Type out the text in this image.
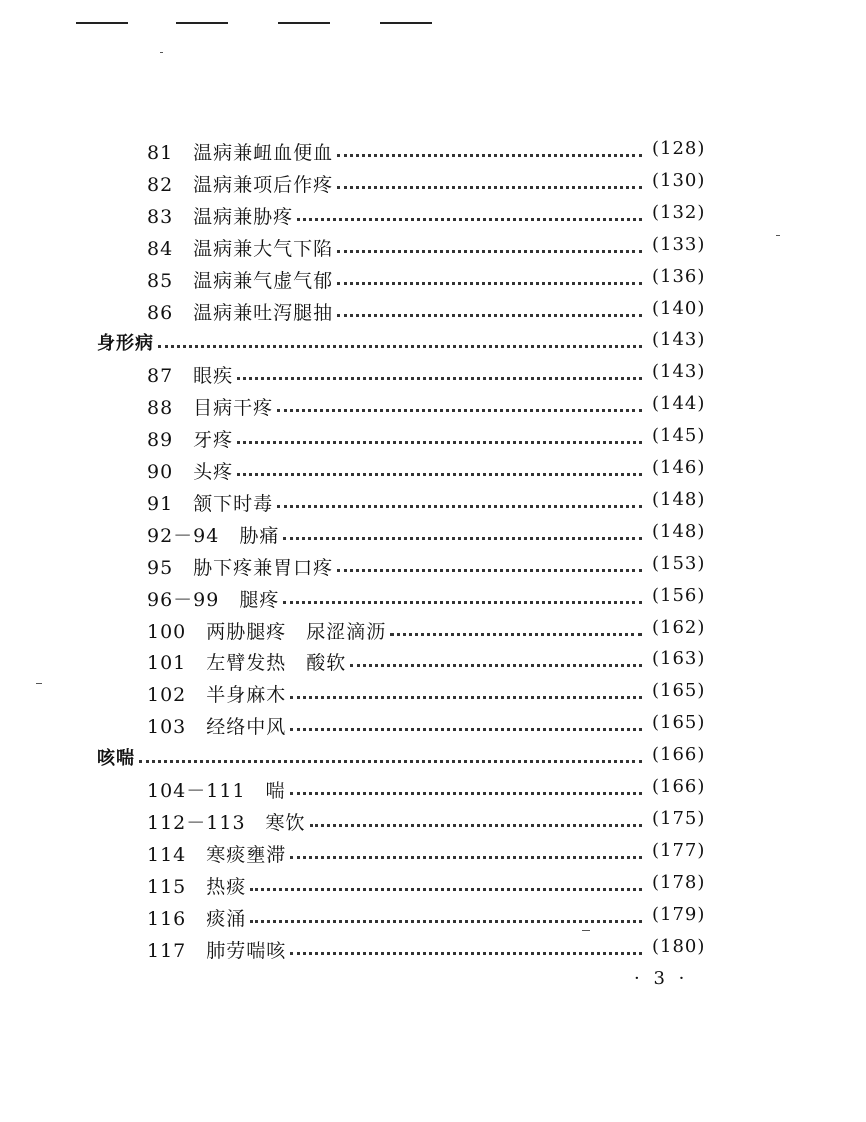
81　温病兼衄血便血	(128)
82　温病兼项后作疼	(130)
83　温病兼胁疼	(132)
84　温病兼大气下陷	(133)
85　温病兼气虚气郁	(136)
86　温病兼吐泻腿抽	(140)
身形病	(143)
87　眼疾	(143)
88　目病干疼	(144)
89　牙疼	(145)
90　头疼	(146)
91　颔下时毒	(148)
92－94　胁痛	(148)
95　胁下疼兼胃口疼	(153)
96－99　腿疼	(156)
100　两胁腿疼　尿涩滴沥	(162)
101　左臂发热　酸软	(163)
102　半身麻木	(165)
103　经络中风	(165)
咳喘	(166)
104－111　喘	(166)
112－113　寒饮	(175)
114　寒痰壅滞	(177)
115　热痰	(178)
116　痰涌	(179)
117　肺劳喘咳	(180)
· 3 ·
